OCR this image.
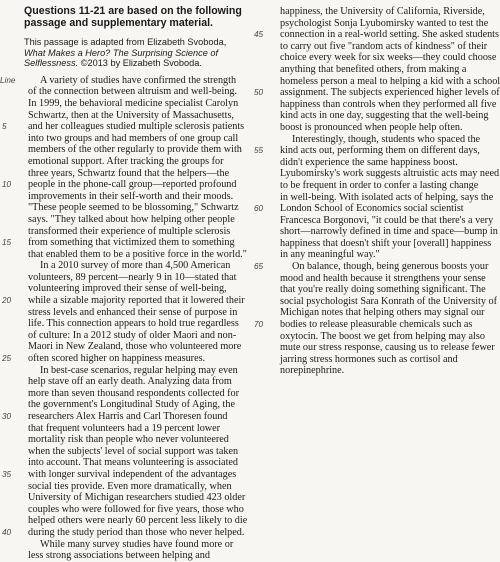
Questions 11-21 are based on the following passage and supplementary material.
This passage is adapted from Elizabeth Svoboda, What Makes a Hero? The Surprising Science of Selflessness. ©2013 by Elizabeth Svoboda.
Line	A variety of studies have confirmed the strength
of the connection between altruism and well-being.
In 1999, the behavioral medicine specialist Carolyn
Schwartz, then at the University of Massachusetts,
5	and her colleagues studied multiple sclerosis patients
into two groups and had members of one group call
members of the other regularly to provide them with
emotional support. After tracking the groups for
three years, Schwartz found that the helpers—the
10	people in the phone-call group—reported profound
improvements in their self-worth and their moods.
"These people seemed to be blossoming," Schwartz
says. "They talked about how helping other people
transformed their experience of multiple sclerosis
15	from something that victimized them to something
that enabled them to be a positive force in the world."
In a 2010 survey of more than 4,500 American
volunteers, 89 percent—nearly 9 in 10—stated that
volunteering improved their sense of well-being,
20	while a sizable majority reported that it lowered their
stress levels and enhanced their sense of purpose in
life. This connection appears to hold true regardless
of culture: In a 2012 study of older Maori and non-
Maori in New Zealand, those who volunteered more
25	often scored higher on happiness measures.
In best-case scenarios, regular helping may even
help stave off an early death. Analyzing data from
more than seven thousand respondents collected for
the government's Longitudinal Study of Aging, the
30	researchers Alex Harris and Carl Thoresen found
that frequent volunteers had a 19 percent lower
mortality risk than people who never volunteered
when the subjects' level of social support was taken
into account. That means volunteering is associated
35	with longer survival independent of the advantages
social ties provide. Even more dramatically, when
University of Michigan researchers studied 423 older
couples who were followed for five years, those who
helped others were nearly 60 percent less likely to die
40	during the study period than those who never helped.
While many survey studies have found more or
less strong associations between helping and
happiness, the University of California, Riverside,
psychologist Sonja Lyubomirsky wanted to test the
45	connection in a real-world setting. She asked students
to carry out five "random acts of kindness" of their
choice every week for six weeks—they could choose
anything that benefited others, from making a
homeless person a meal to helping a kid with a school
50	assignment. The subjects experienced higher levels of
happiness than controls when they performed all five
kind acts in one day, suggesting that the well-being
boost is pronounced when people help often.
Interestingly, though, students who spaced the
55	kind acts out, performing them on different days,
didn't experience the same happiness boost.
Lyubomirsky's work suggests altruistic acts may need
to be frequent in order to confer a lasting change
in well-being. With isolated acts of helping, says the
60	London School of Economics social scientist
Francesca Borgonovi, "it could be that there's a very
short—narrowly defined in time and space—bump in
happiness that doesn't shift your [overall] happiness
in any meaningful way."
65	On balance, though, being generous boosts your
mood and health because it strengthens your sense
that you're really doing something significant. The
social psychologist Sara Konrath of the University of
Michigan notes that helping others may signal our
70	bodies to release pleasurable chemicals such as
oxytocin. The boost we get from helping may also
mute our stress response, causing us to release fewer
jarring stress hormones such as cortisol and
norepinephrine.
